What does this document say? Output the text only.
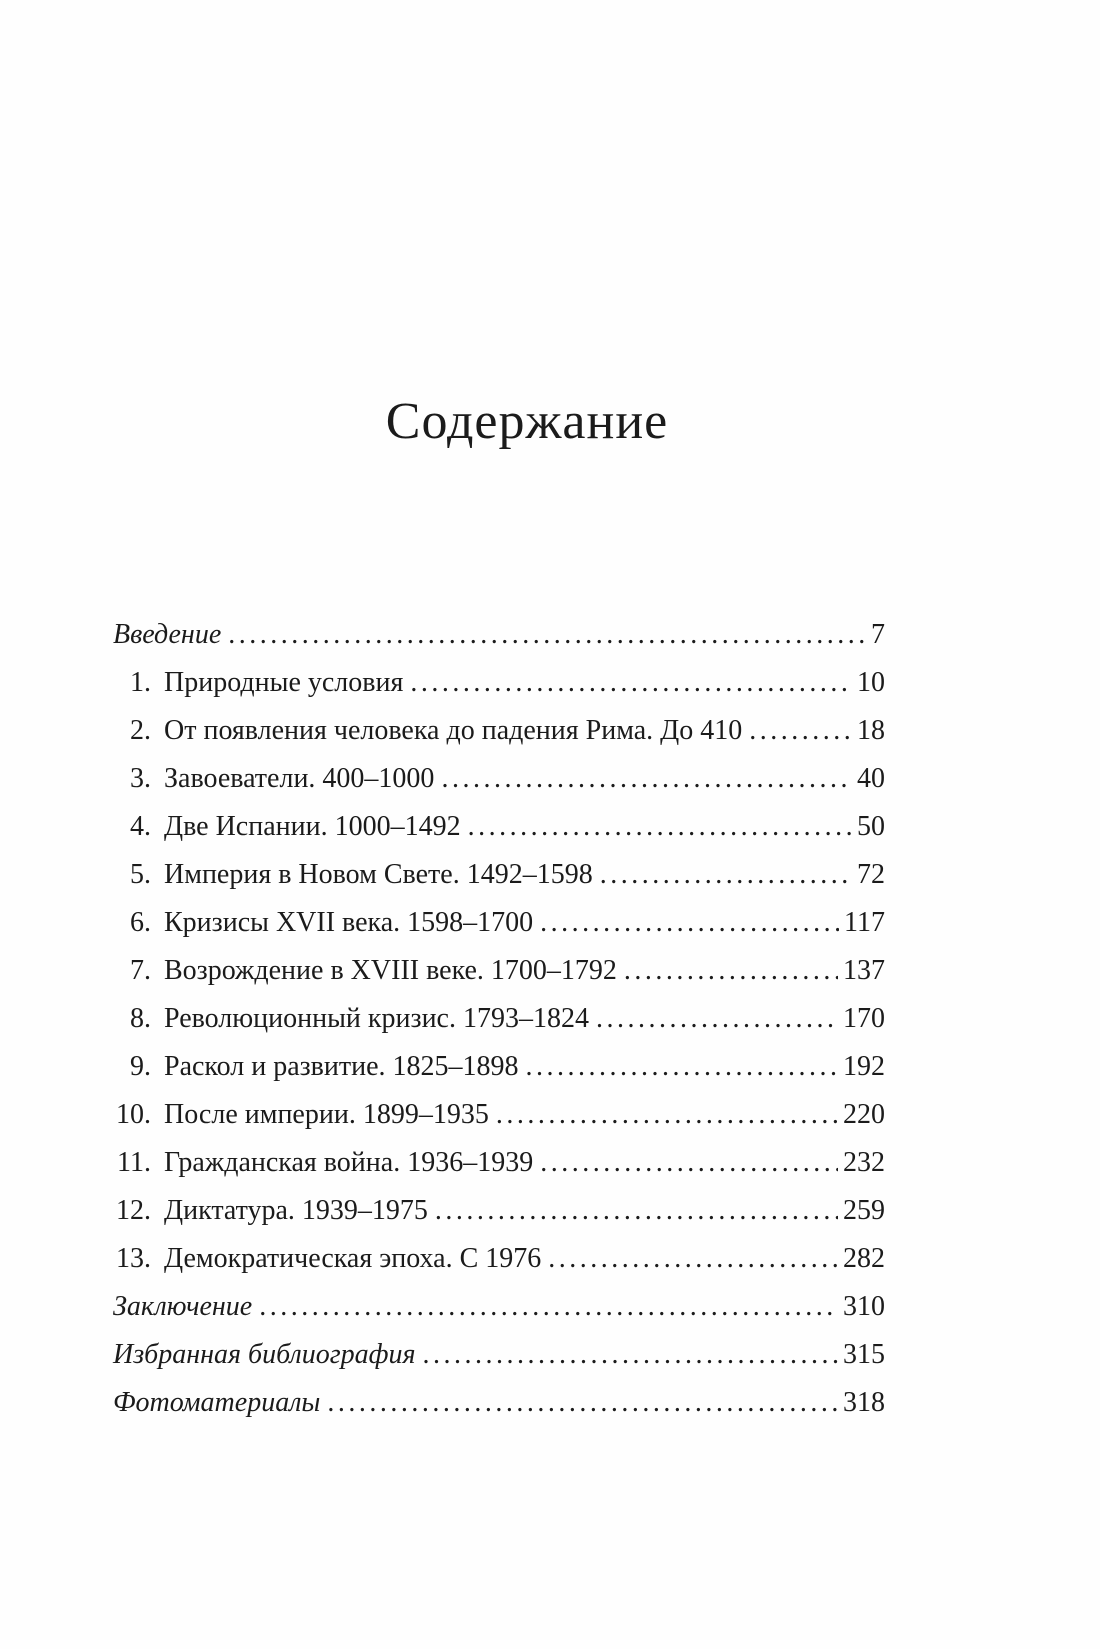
Содержание
Введение .....	7
1. Природные условия .....	10
2. От появления человека до падения Рима. До 410 .....	18
3. Завоеватели. 400–1000 .....	40
4. Две Испании. 1000–1492 .....	50
5. Империя в Новом Свете. 1492–1598 .....	72
6. Кризисы XVII века. 1598–1700 .....	117
7. Возрождение в XVIII веке. 1700–1792 .....	137
8. Революционный кризис. 1793–1824 .....	170
9. Раскол и развитие. 1825–1898 .....	192
10. После империи. 1899–1935 .....	220
11. Гражданская война. 1936–1939 .....	232
12. Диктатура. 1939–1975 .....	259
13. Демократическая эпоха. С 1976 .....	282
Заключение .....	310
Избранная библиография .....	315
Фотоматериалы .....	318
